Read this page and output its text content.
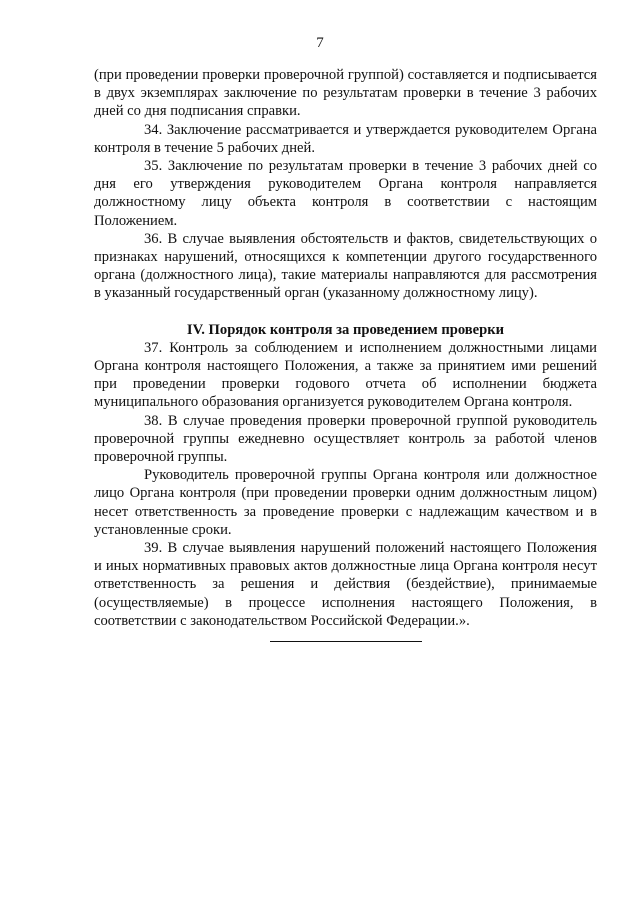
7

(при проведении проверки проверочной группой) составляется и подписывается в двух экземплярах заключение по результатам проверки в течение 3 рабочих дней со дня подписания справки.

34. Заключение рассматривается и утверждается руководителем Органа контроля в течение 5 рабочих дней.

35. Заключение по результатам проверки в течение 3 рабочих дней со дня его утверждения руководителем Органа контроля направляется должностному лицу объекта контроля в соответствии с настоящим Положением.

36. В случае выявления обстоятельств и фактов, свидетельствующих о признаках нарушений, относящихся к компетенции другого государственного органа (должностного лица), такие материалы направляются для рассмотрения в указанный государственный орган (указанному должностному лицу).

IV. Порядок контроля за проведением проверки

37. Контроль за соблюдением и исполнением должностными лицами Органа контроля настоящего Положения, а также за принятием ими решений при проведении проверки годового отчета об исполнении бюджета муниципального образования организуется руководителем Органа контроля.

38. В случае проведения проверки проверочной группой руководитель проверочной группы ежедневно осуществляет контроль за работой членов проверочной группы.

Руководитель проверочной группы Органа контроля или должностное лицо Органа контроля (при проведении проверки одним должностным лицом) несет ответственность за проведение проверки с надлежащим качеством и в установленные сроки.

39. В случае выявления нарушений положений настоящего Положения и иных нормативных правовых актов должностные лица Органа контроля несут ответственность за решения и действия (бездействие), принимаемые (осуществляемые) в процессе исполнения настоящего Положения, в соответствии с законодательством Российской Федерации.».
